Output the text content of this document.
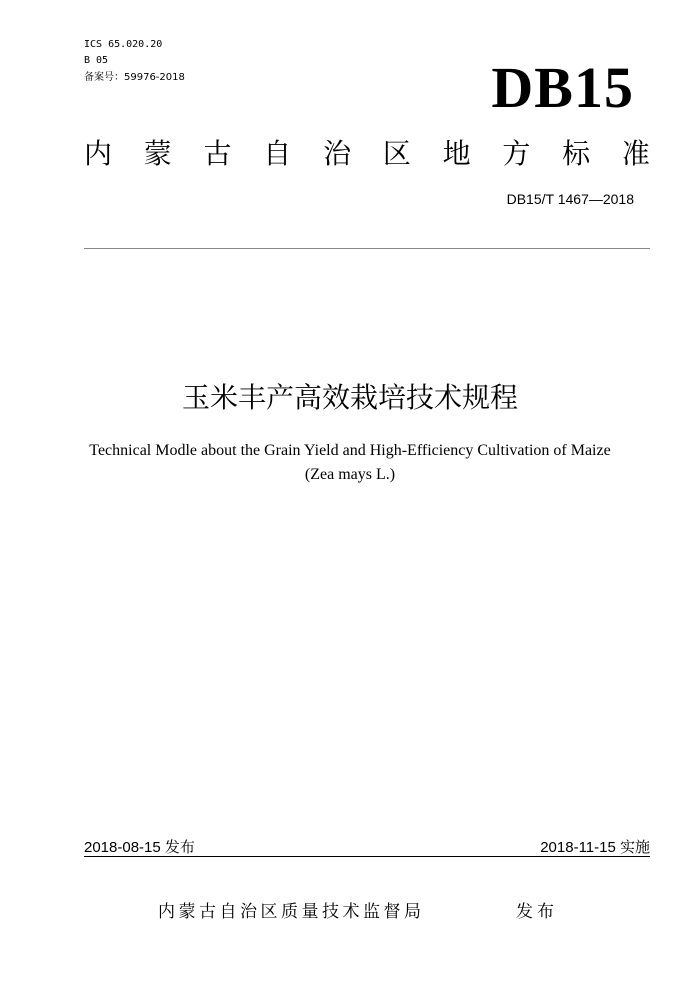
ICS 65.020.20
B 05
备案号：59976-2018	DB15
内 蒙 古 自 治 区 地 方 标 准
DB15/T 1467—2018
玉米丰产高效栽培技术规程
Technical Modle about the Grain Yield and High-Efficiency Cultivation of Maize
(Zea mays L.)
2018-08-15 发布	2018-11-15 实施
内蒙古自治区质量技术监督局	发布
